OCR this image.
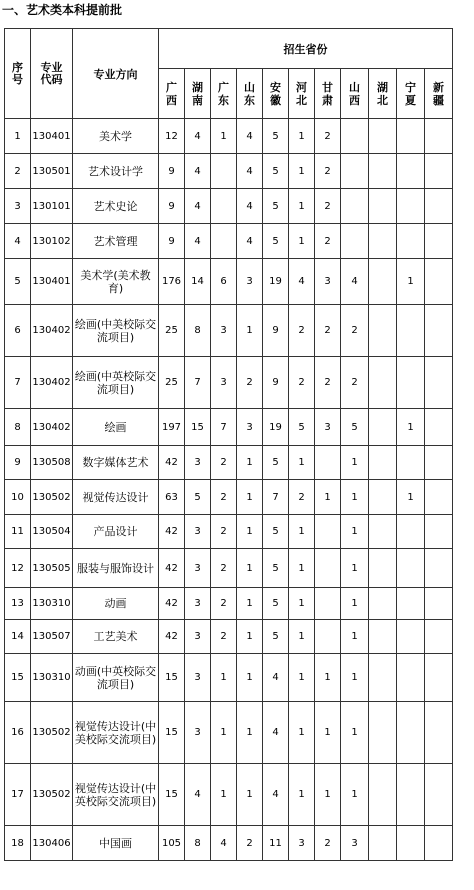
一、艺术类本科提前批
序号	专业代码	专业方向	招生省份										
			广西	湖南	广东	山东	安徽	河北	甘肃	山西	湖北	宁夏	新疆
1	130401	美术学	12	4	1	4	5	1	2				
2	130501	艺术设计学	9	4		4	5	1	2				
3	130101	艺术史论	9	4		4	5	1	2				
4	130102	艺术管理	9	4		4	5	1	2				
5	130401	美术学(美术教育)	176	14	6	3	19	4	3	4		1	
6	130402	绘画(中美校际交流项目)	25	8	3	1	9	2	2	2			
7	130402	绘画(中英校际交流项目)	25	7	3	2	9	2	2	2			
8	130402	绘画	197	15	7	3	19	5	3	5		1	
9	130508	数字媒体艺术	42	3	2	1	5	1		1			
10	130502	视觉传达设计	63	5	2	1	7	2	1	1		1	
11	130504	产品设计	42	3	2	1	5	1		1			
12	130505	服装与服饰设计	42	3	2	1	5	1		1			
13	130310	动画	42	3	2	1	5	1		1			
14	130507	工艺美术	42	3	2	1	5	1		1			
15	130310	动画(中英校际交流项目)	15	3	1	1	4	1	1	1			
16	130502	视觉传达设计(中美校际交流项目)	15	3	1	1	4	1	1	1			
17	130502	视觉传达设计(中英校际交流项目)	15	4	1	1	4	1	1	1			
18	130406	中国画	105	8	4	2	11	3	2	3			
